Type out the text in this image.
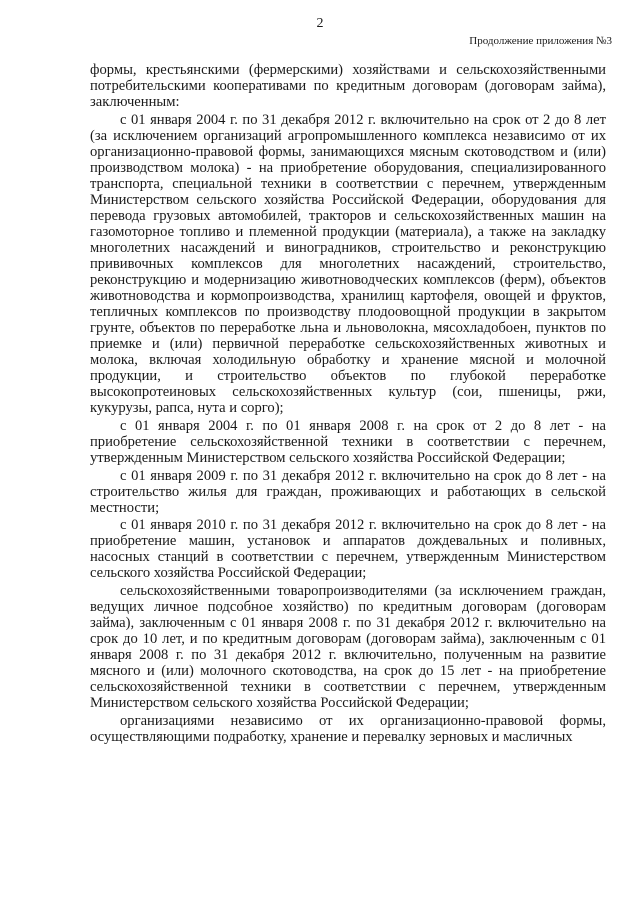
2
Продолжение приложения №3

формы, крестьянскими (фермерскими) хозяйствами и сельскохозяйственными потребительскими кооперативами по кредитным договорам (договорам займа), заключенным:

с 01 января 2004 г. по 31 декабря 2012 г. включительно на срок от 2 до 8 лет (за исключением организаций агропромышленного комплекса независимо от их организационно-правовой формы, занимающихся мясным скотоводством и (или) производством молока) - на приобретение оборудования, специализированного транспорта, специальной техники в соответствии с перечнем, утвержденным Министерством сельского хозяйства Российской Федерации, оборудования для перевода грузовых автомобилей, тракторов и сельскохозяйственных машин на газомоторное топливо и племенной продукции (материала), а также на закладку многолетних насаждений и виноградников, строительство и реконструкцию прививочных комплексов для многолетних насаждений, строительство, реконструкцию и модернизацию животноводческих комплексов (ферм), объектов животноводства и кормопроизводства, хранилищ картофеля, овощей и фруктов, тепличных комплексов по производству плодоовощной продукции в закрытом грунте, объектов по переработке льна и льноволокна, мясохладобоен, пунктов по приемке и (или) первичной переработке сельскохозяйственных животных и молока, включая холодильную обработку и хранение мясной и молочной продукции, и строительство объектов по глубокой переработке высокопротеиновых сельскохозяйственных культур (сои, пшеницы, ржи, кукурузы, рапса, нута и сорго);

с 01 января 2004 г. по 01 января 2008 г. на срок от 2 до 8 лет - на приобретение сельскохозяйственной техники в соответствии с перечнем, утвержденным Министерством сельского хозяйства Российской Федерации;

с 01 января 2009 г. по 31 декабря 2012 г. включительно на срок до 8 лет - на строительство жилья для граждан, проживающих и работающих в сельской местности;

с 01 января 2010 г. по 31 декабря 2012 г. включительно на срок до 8 лет - на приобретение машин, установок и аппаратов дождевальных и поливных, насосных станций в соответствии с перечнем, утвержденным Министерством сельского хозяйства Российской Федерации;

сельскохозяйственными товаропроизводителями (за исключением граждан, ведущих личное подсобное хозяйство) по кредитным договорам (договорам займа), заключенным с 01 января 2008 г. по 31 декабря 2012 г. включительно на срок до 10 лет, и по кредитным договорам (договорам займа), заключенным с 01 января 2008 г. по 31 декабря 2012 г. включительно, полученным на развитие мясного и (или) молочного скотоводства, на срок до 15 лет - на приобретение сельскохозяйственной техники в соответствии с перечнем, утвержденным Министерством сельского хозяйства Российской Федерации;

организациями независимо от их организационно-правовой формы, осуществляющими подработку, хранение и перевалку зерновых и масличных
